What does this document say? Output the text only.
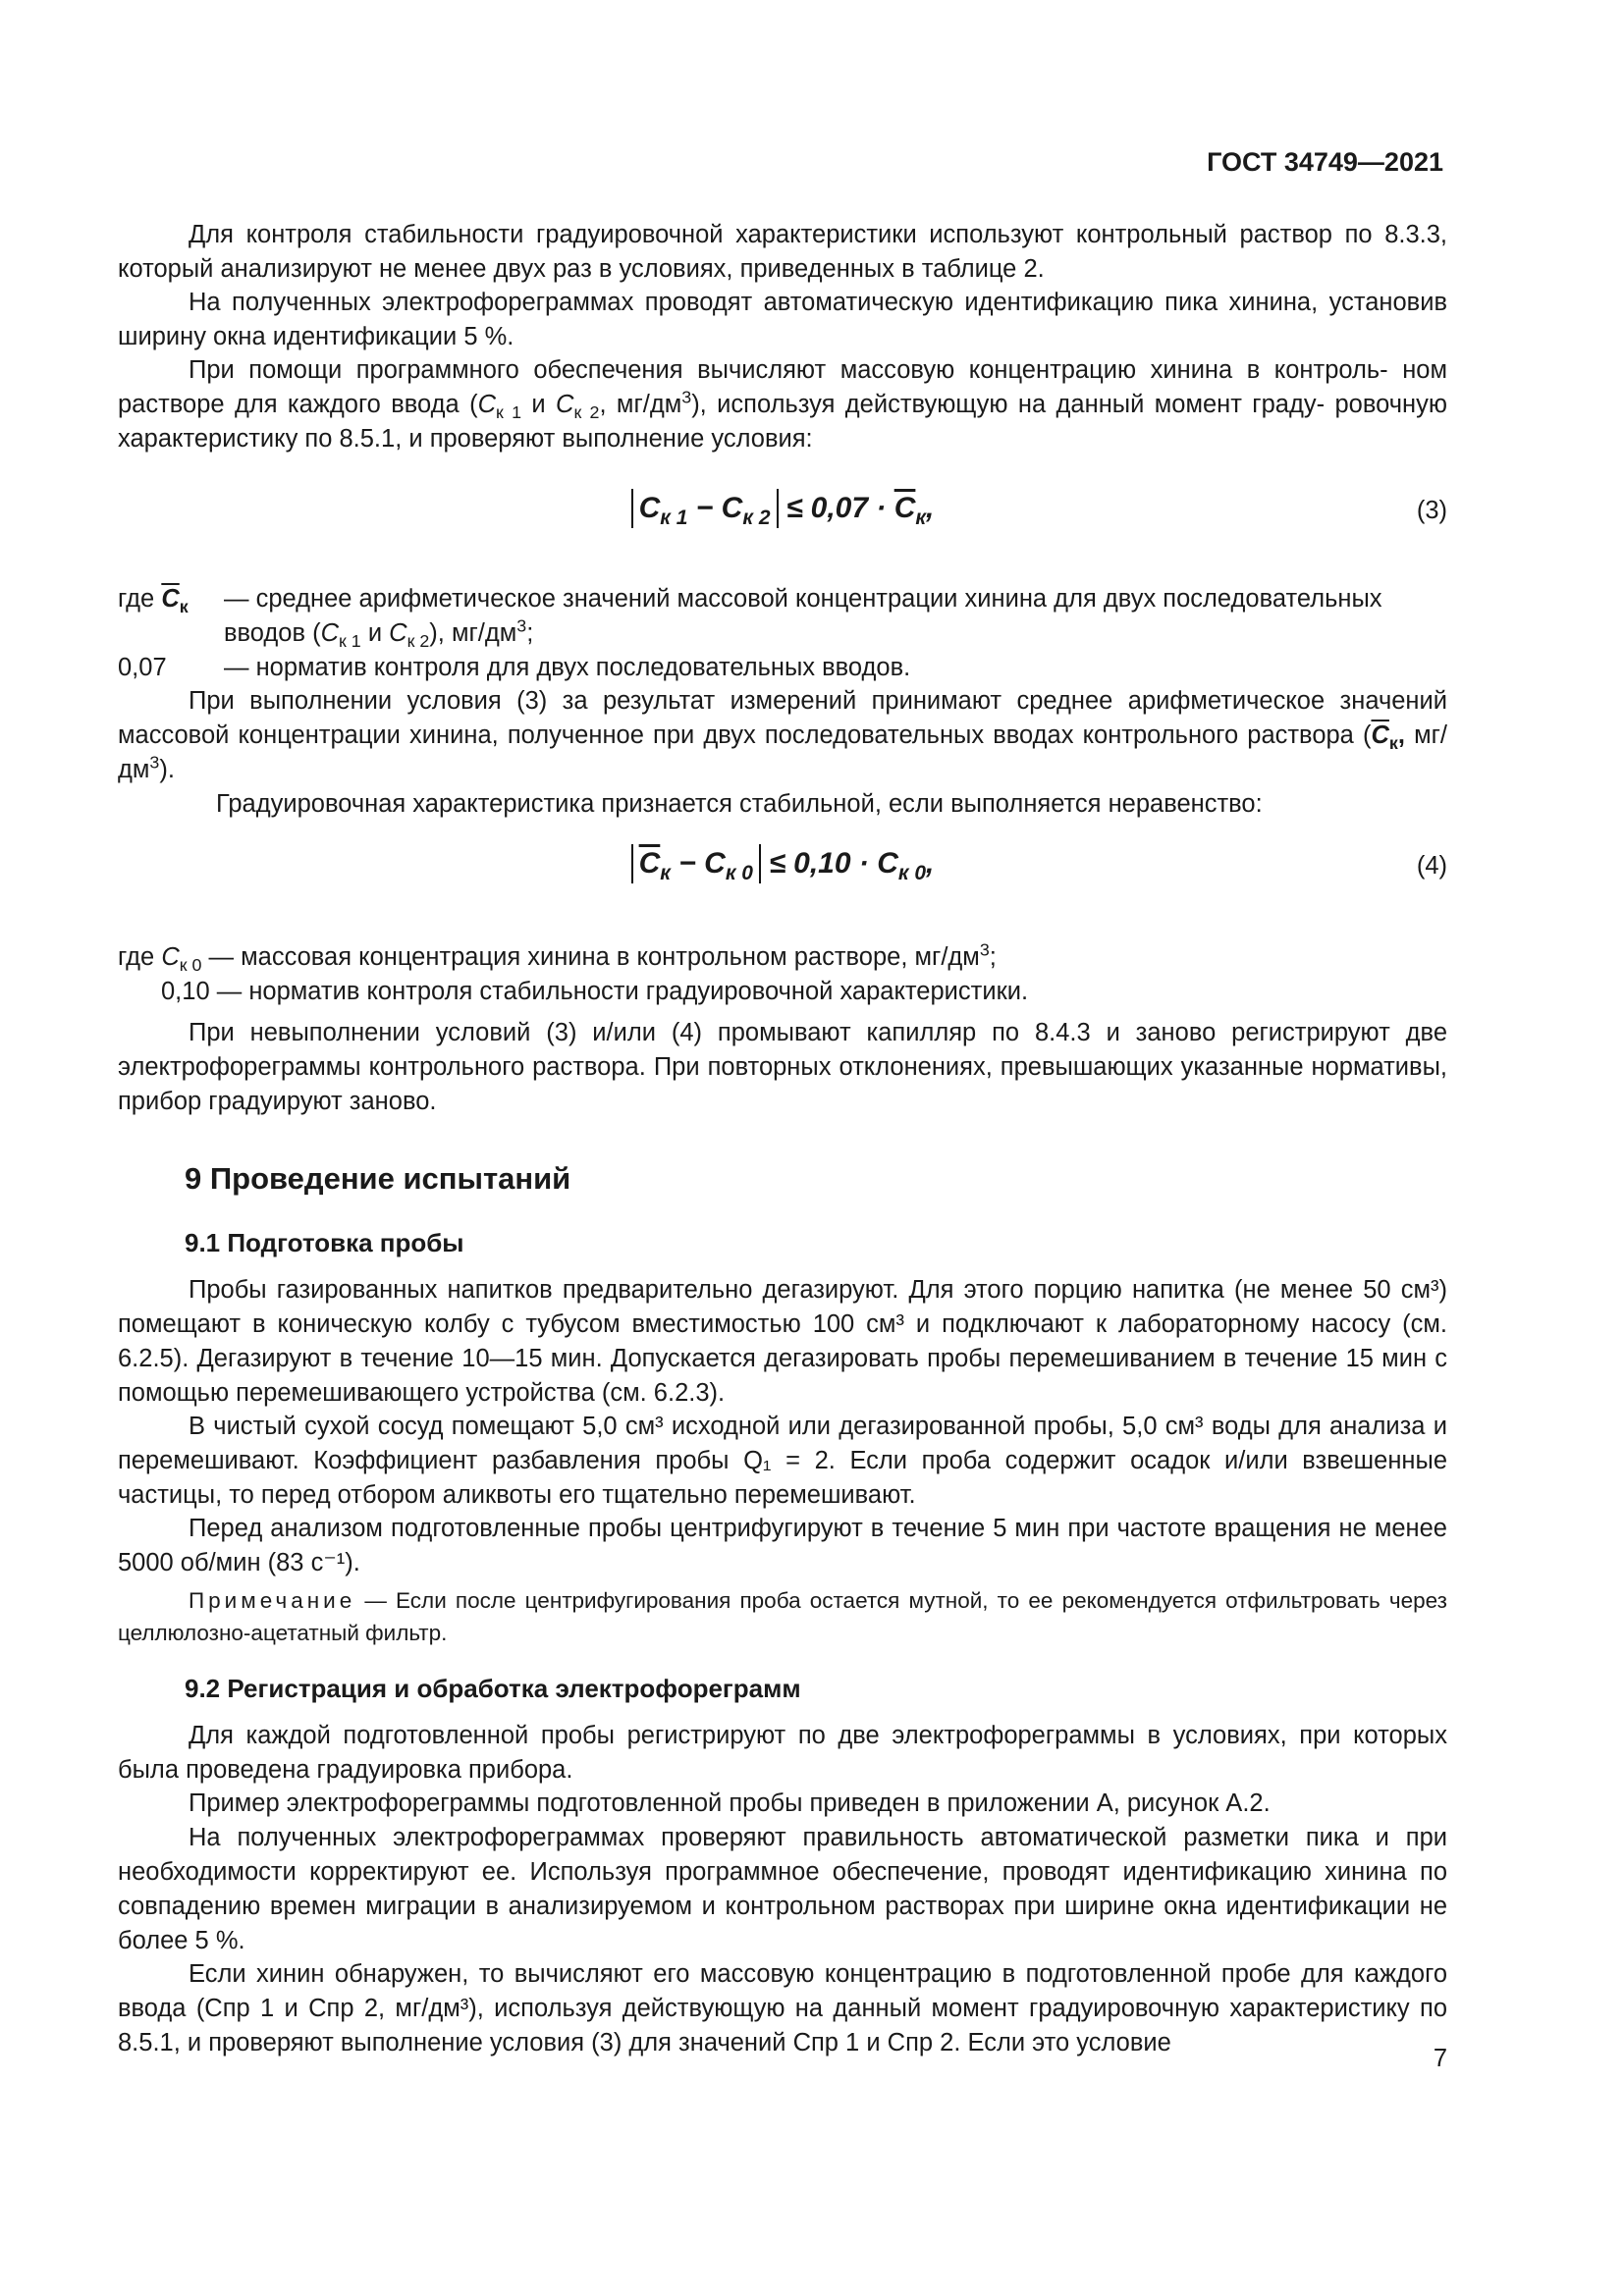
ГОСТ 34749—2021

Для контроля стабильности градуировочной характеристики используют контрольный раствор по 8.3.3, который анализируют не менее двух раз в условиях, приведенных в таблице 2.

На полученных электрофореграммах проводят автоматическую идентификацию пика хинина, установив ширину окна идентификации 5 %.

При помощи программного обеспечения вычисляют массовую концентрацию хинина в контроль- ном растворе для каждого ввода ($C_{к 1}$ и $C_{к 2}$, $мг/дм^3$), используя действующую на данный момент граду- ровочную характеристику по 8.5.1, и проверяют выполнение условия:
$C_{к 1} - C_{к 2} \le 0,07 \cdot \overline{C}_к$,	(3)
где $\overline{C}_к$ — среднее арифметическое значений массовой концентрации хинина для двух последовательных вводов ($C_{к 1}$ и $C_{к 2}$), $мг/дм^3$;
0,07 — норматив контроля для двух последовательных вводов.
При выполнении условия (3) за результат измерений принимают среднее арифметическое значений массовой концентрации хинина, полученное при двух последовательных вводах контрольного раствора ($\overline{C}_к$, $мг/дм^3$).

Градуировочная характеристика признается стабильной, если выполняется неравенство:

$\overline{C}_к - C_{к 0} \le 0,10 \cdot C_{к 0}$,	(4)
где $C_{к 0}$ — массовая концентрация хинина в контрольном растворе, $мг/дм^3$;
0,10 — норматив контроля стабильности градуировочной характеристики.

При невыполнении условий (3) и/или (4) промывают капилляр по 8.4.3 и заново регистрируют две электрофореграммы контрольного раствора. При повторных отклонениях, превышающих указанные нормативы, прибор градуируют заново.

9 Проведение испытаний
9.1 Подготовка пробы

Пробы газированных напитков предварительно дегазируют. Для этого порцию напитка (не менее 50 см³) помещают в коническую колбу с тубусом вместимостью 100 см³ и подключают к лабораторному насосу (см. 6.2.5). Дегазируют в течение 10—15 мин. Допускается дегазировать пробы перемешиванием в течение 15 мин с помощью перемешивающего устройства (см. 6.2.3).

В чистый сухой сосуд помещают 5,0 см³ исходной или дегазированной пробы, 5,0 см³ воды для анализа и перемешивают. Коэффициент разбавления пробы Q₁ = 2. Если проба содержит осадок и/или взвешенные частицы, то перед отбором аликвоты его тщательно перемешивают.

Перед анализом подготовленные пробы центрифугируют в течение 5 мин при частоте вращения не менее 5000 об/мин (83 с⁻¹).

Примечание — Если после центрифугирования проба остается мутной, то ее рекомендуется отфильтровать через целлюлозно-ацетатный фильтр.

9.2 Регистрация и обработка электрофореграмм

Для каждой подготовленной пробы регистрируют по две электрофореграммы в условиях, при которых была проведена градуировка прибора.

Пример электрофореграммы подготовленной пробы приведен в приложении А, рисунок А.2.

На полученных электрофореграммах проверяют правильность автоматической разметки пика и при необходимости корректируют ее. Используя программное обеспечение, проводят идентификацию хинина по совпадению времен миграции в анализируемом и контрольном растворах при ширине окна идентификации не более 5 %.

Если хинин обнаружен, то вычисляют его массовую концентрацию в подготовленной пробе для каждого ввода (Cпр 1 и Cпр 2, мг/дм³), используя действующую на данный момент градуировочную характеристику по 8.5.1, и проверяют выполнение условия (3) для значений Cпр 1 и Cпр 2. Если это условие

7
